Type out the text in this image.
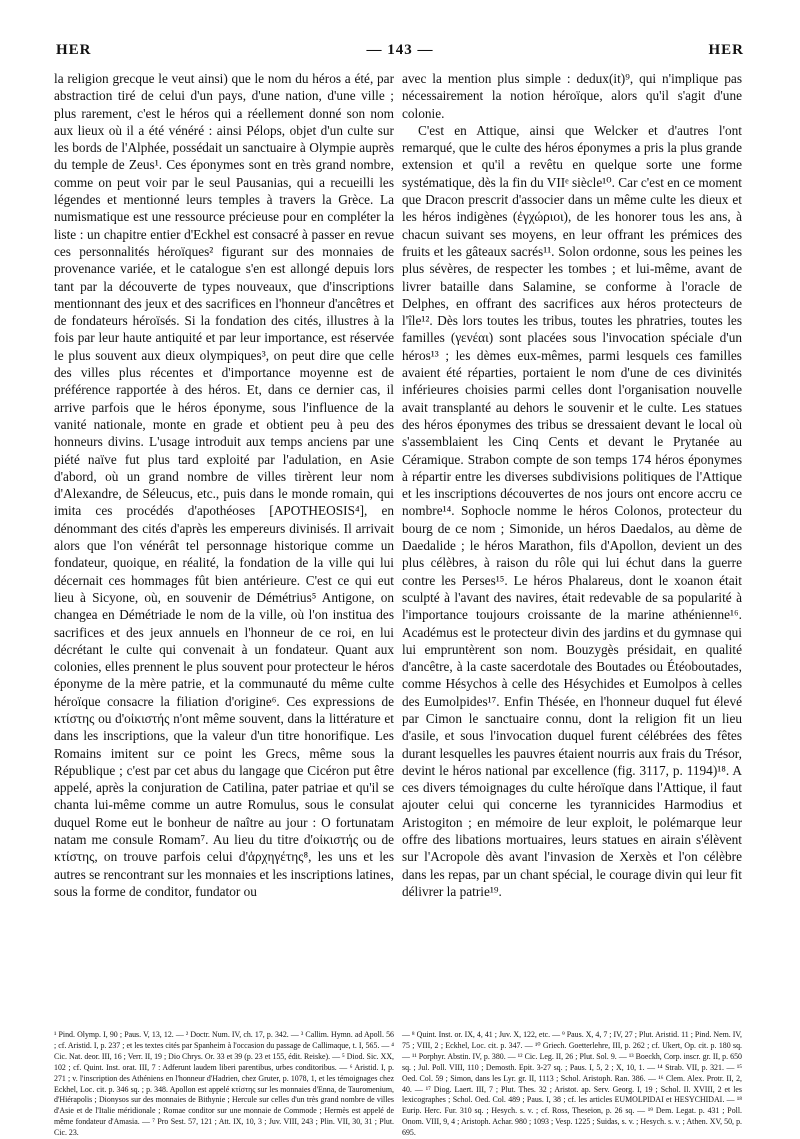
HER	— 143 —	HER

la religion grecque le veut ainsi) que le nom du héros a été, par abstraction tiré de celui d'un pays, d'une nation, d'une ville ; plus rarement, c'est le héros qui a réellement donné son nom aux lieux où il a été vénéré : ainsi Pélops, objet d'un culte sur les bords de l'Alphée, possédait un sanctuaire à Olympie auprès du temple de Zeus¹. Ces éponymes sont en très grand nombre, comme on peut voir par le seul Pausanias, qui a recueilli les légendes et mentionné leurs temples à travers la Grèce. La numismatique est une ressource précieuse pour en compléter la liste : un chapitre entier d'Eckhel est consacré à passer en revue ces personnalités héroïques² figurant sur des monnaies de provenance variée, et le catalogue s'en est allongé depuis lors tant par la découverte de types nouveaux, que d'inscriptions mentionnant des jeux et des sacrifices en l'honneur d'ancêtres et de fondateurs héroïsés. Si la fondation des cités, illustres à la fois par leur haute antiquité et par leur importance, est réservée le plus souvent aux dieux olympiques³, on peut dire que celle des villes plus récentes et d'importance moyenne est de préférence rapportée à des héros. Et, dans ce dernier cas, il arrive parfois que le héros éponyme, sous l'influence de la vanité nationale, monte en grade et obtient peu à peu des honneurs divins. L'usage introduit aux temps anciens par une piété naïve fut plus tard exploité par l'adulation, en Asie d'abord, où un grand nombre de villes tirèrent leur nom d'Alexandre, de Séleucus, etc., puis dans le monde romain, qui imita ces procédés d'apothéoses [APOTHEOSIS⁴], en dénommant des cités d'après les empereurs divinisés. Il arrivait alors que l'on vénérât tel personnage historique comme un fondateur, quoique, en réalité, la fondation de la ville qui lui décernait ces hommages fût bien antérieure. C'est ce qui eut lieu à Sicyone, où, en souvenir de Démétrius⁵ Antigone, on changea en Démétriade le nom de la ville, où l'on institua des sacrifices et des jeux annuels en l'honneur de ce roi, en lui décrétant le culte qui convenait à un fondateur. Quant aux colonies, elles prennent le plus souvent pour protecteur le héros éponyme de la mère patrie, et la communauté du même culte héroïque consacre la filiation d'origine⁶. Ces expressions de κτίστης ou d'οἰκιστής n'ont même souvent, dans la littérature et dans les inscriptions, que la valeur d'un titre honorifique. Les Romains imitent sur ce point les Grecs, même sous la République ; c'est par cet abus du langage que Cicéron put être appelé, après la conjuration de Catilina, pater patriae et qu'il se chanta lui-même comme un autre Romulus, sous le consulat duquel Rome eut le bonheur de naître au jour : O fortunatam natam me consule Romam⁷. Au lieu du titre d'οἰκιστής ou de κτίστης, on trouve parfois celui d'ἀρχηγέτης⁸, les uns et les autres se rencontrant sur les monnaies et les inscriptions latines, sous la forme de conditor, fundator ou

avec la mention plus simple : dedux(it)⁹, qui n'implique pas nécessairement la notion héroïque, alors qu'il s'agit d'une colonie.

C'est en Attique, ainsi que Welcker et d'autres l'ont remarqué, que le culte des héros éponymes a pris la plus grande extension et qu'il a revêtu en quelque sorte une forme systématique, dès la fin du VIIᵉ siècle¹⁰. Car c'est en ce moment que Dracon prescrit d'associer dans un même culte les dieux et les héros indigènes (ἐγχώριοι), de les honorer tous les ans, à chacun suivant ses moyens, en leur offrant les prémices des fruits et les gâteaux sacrés¹¹. Solon ordonne, sous les peines les plus sévères, de respecter les tombes ; et lui-même, avant de livrer bataille dans Salamine, se conforme à l'oracle de Delphes, en offrant des sacrifices aux héros protecteurs de l'île¹². Dès lors toutes les tribus, toutes les phratries, toutes les familles (γενέαι) sont placées sous l'invocation spéciale d'un héros¹³ ; les dèmes eux-mêmes, parmi lesquels ces familles avaient été réparties, portaient le nom d'une de ces divinités inférieures choisies parmi celles dont l'organisation nouvelle avait transplanté au dehors le souvenir et le culte. Les statues des héros éponymes des tribus se dressaient devant le local où s'assemblaient les Cinq Cents et devant le Prytanée au Céramique. Strabon compte de son temps 174 héros éponymes à répartir entre les diverses subdivisions politiques de l'Attique et les inscriptions découvertes de nos jours ont encore accru ce nombre¹⁴. Sophocle nomme le héros Colonos, protecteur du bourg de ce nom ; Simonide, un héros Daedalos, au dème de Daedalide ; le héros Marathon, fils d'Apollon, devient un des plus célèbres, à raison du rôle qui lui échut dans la guerre contre les Perses¹⁵. Le héros Phalareus, dont le xoanon était sculpté à l'avant des navires, était redevable de sa popularité à l'importance toujours croissante de la marine athénienne¹⁶. Académus est le protecteur divin des jardins et du gymnase qui lui empruntèrent son nom. Bouzygès présidait, en qualité d'ancêtre, à la caste sacerdotale des Boutades ou Étéoboutades, comme Hésychos à celle des Hésychides et Eumolpos à celles des Eumolpides¹⁷. Enfin Thésée, en l'honneur duquel fut élevé par Cimon le sanctuaire connu, dont la religion fit un lieu d'asile, et sous l'invocation duquel furent célébrées des fêtes durant lesquelles les pauvres étaient nourris aux frais du Trésor, devint le héros national par excellence (fig. 3117, p. 1194)¹⁸. A ces divers témoignages du culte héroïque dans l'Attique, il faut ajouter celui qui concerne les tyrannicides Harmodius et Aristogiton ; en mémoire de leur exploit, le polémarque leur offre des libations mortuaires, leurs statues en airain s'élèvent sur l'Acropole dès avant l'invasion de Xerxès et l'on célèbre dans les repas, par un chant spécial, le courage divin qui leur fit délivrer la patrie¹⁹.

¹ Pind. Olymp. I, 90 ; Paus. V, 13, 12. — ² Doctr. Num. IV, ch. 17, p. 342. — ³ Callim. Hymn. ad Apoll. 56 ; cf. Aristid. I, p. 237 ; et les textes cités par Spanheim à l'occasion du passage de Callimaque, t. I, 565. — ⁴ Cic. Nat. deor. III, 16 ; Verr. II, 19 ; Dio Chrys. Or. 33 et 39 (p. 23 et 155, édit. Reiske). — ⁵ Diod. Sic. XX, 102 ; cf. Quint. Inst. orat. III, 7 : Adferunt laudem liberi parentibus, urbes conditoribus. — ⁶ Aristid. I, p. 271 ; v. l'inscription des Athéniens en l'honneur d'Hadrien, chez Gruter, p. 1078, 1, et les témoignages chez Eckhel, Loc. cit. p. 346 sq. ; p. 348. Apollon est appelé κτίστης sur les monnaies d'Enna, de Tauromenium, d'Hiérapolis ; Dionysos sur des monnaies de Bithynie ; Hercule sur celles d'un très grand nombre de villes d'Asie et de l'Italie méridionale ; Romae conditor sur une monnaie de Commode ; Hermès est appelé de même fondateur d'Amasia. — ⁷ Pro Sest. 57, 121 ; Att. IX, 10, 3 ; Juv. VIII, 243 ; Plin. VII, 30, 31 ; Plut. Cic. 23.
— ⁸ Quint. Inst. or. IX, 4, 41 ; Juv. X, 122, etc. — ⁹ Paus. X, 4, 7 ; IV, 27 ; Plut. Aristid. 11 ; Pind. Nem. IV, 75 ; VIII, 2 ; Eckhel, Loc. cit. p. 347. — ¹⁰ Griech. Goetterlehre, III, p. 262 ; cf. Ukert, Op. cit. p. 180 sq. — ¹¹ Porphyr. Abstin. IV, p. 380. — ¹² Cic. Leg. II, 26 ; Plut. Sol. 9. — ¹³ Boeckh, Corp. inscr. gr. II, p. 650 sq. ; Jul. Poll. VIII, 110 ; Demosth. Epit. 3-27 sq. ; Paus. I, 5, 2 ; X, 10, 1. — ¹⁴ Strab. VII, p. 321. — ¹⁵ Oed. Col. 59 ; Simon, dans les Lyr. gr. II, 1113 ; Schol. Aristoph. Ran. 386. — ¹⁶ Clem. Alex. Protr. II, 2, 40. — ¹⁷ Diog. Laert. III, 7 ; Plut. Thes. 32 ; Aristot. ap. Serv. Georg. I, 19 ; Schol. Il. XVIII, 2 et les lexicographes ; Schol. Oed. Col. 489 ; Paus. I, 38 ; cf. les articles EUMOLPIDAI et HESYCHIDAI. — ¹⁸ Eurip. Herc. Fur. 310 sq. ; Hesych. s. v. ; cf. Ross, Theseion, p. 26 sq. — ¹⁹ Dem. Legat. p. 431 ; Poll. Onom. VIII, 9, 4 ; Aristoph. Achar. 980 ; 1093 ; Vesp. 1225 ; Suidas, s. v. ; Hesych. s. v. ; Athen. XV, 50, p. 695.
